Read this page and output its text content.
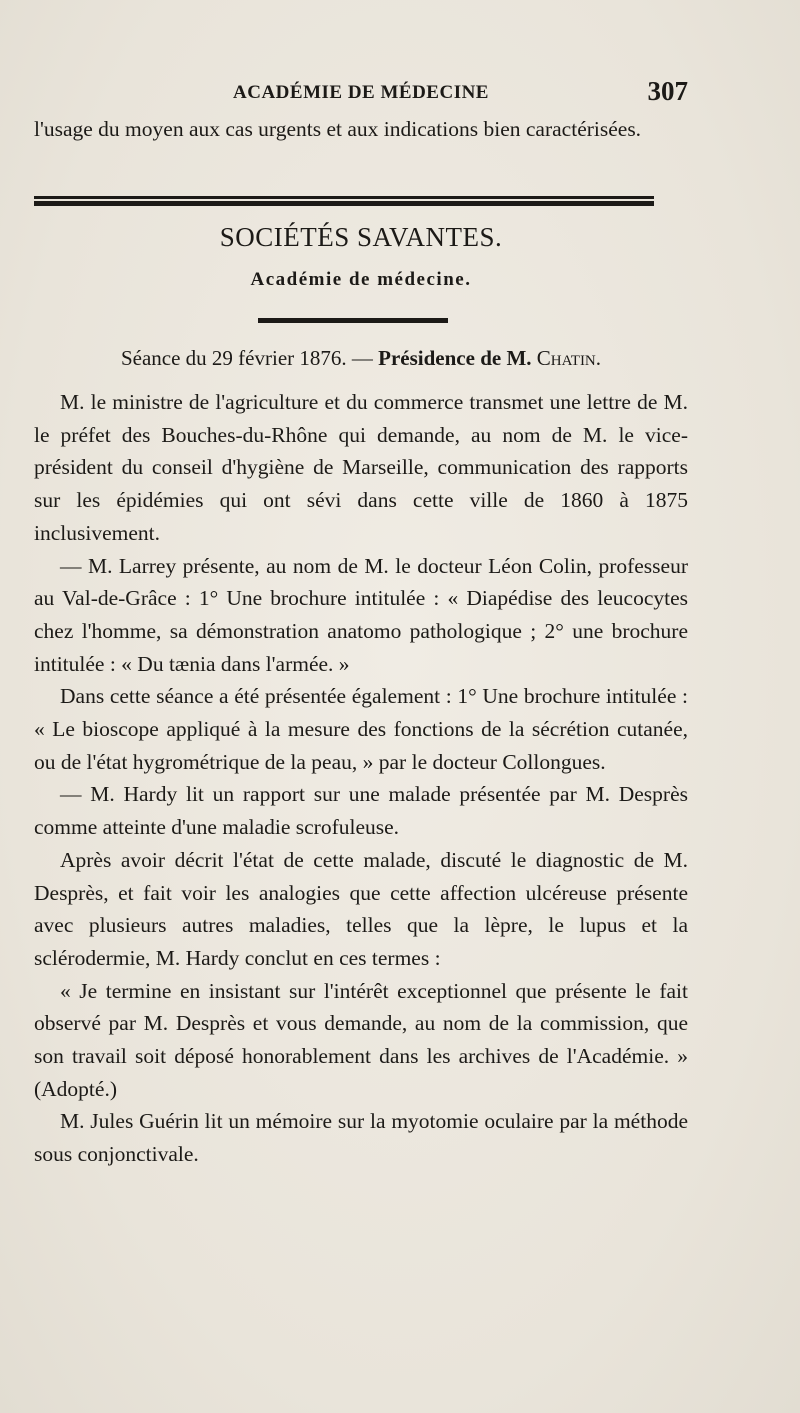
ACADÉMIE DE MÉDECINE	307

l'usage du moyen aux cas urgents et aux indications bien caractérisées.

SOCIÉTÉS SAVANTES.
Académie de médecine.
Séance du 29 février 1876. — Présidence de M. Chatin.

M. le ministre de l'agriculture et du commerce transmet une lettre de M. le préfet des Bouches-du-Rhône qui demande, au nom de M. le vice-président du conseil d'hygiène de Marseille, communication des rapports sur les épidémies qui ont sévi dans cette ville de 1860 à 1875 inclusivement.

— M. Larrey présente, au nom de M. le docteur Léon Colin, professeur au Val-de-Grâce : 1° Une brochure intitulée : « Diapédise des leucocytes chez l'homme, sa démonstration anatomo pathologique ; 2° une brochure intitulée : « Du tænia dans l'armée. »

Dans cette séance a été présentée également : 1° Une brochure intitulée : « Le bioscope appliqué à la mesure des fonctions de la sécrétion cutanée, ou de l'état hygrométrique de la peau, » par le docteur Collongues.

— M. Hardy lit un rapport sur une malade présentée par M. Desprès comme atteinte d'une maladie scrofuleuse.

Après avoir décrit l'état de cette malade, discuté le diagnostic de M. Desprès, et fait voir les analogies que cette affection ulcéreuse présente avec plusieurs autres maladies, telles que la lèpre, le lupus et la sclérodermie, M. Hardy conclut en ces termes :

« Je termine en insistant sur l'intérêt exceptionnel que présente le fait observé par M. Desprès et vous demande, au nom de la commission, que son travail soit déposé honorablement dans les archives de l'Académie. » (Adopté.)

M. Jules Guérin lit un mémoire sur la myotomie oculaire par la méthode sous conjonctivale.
